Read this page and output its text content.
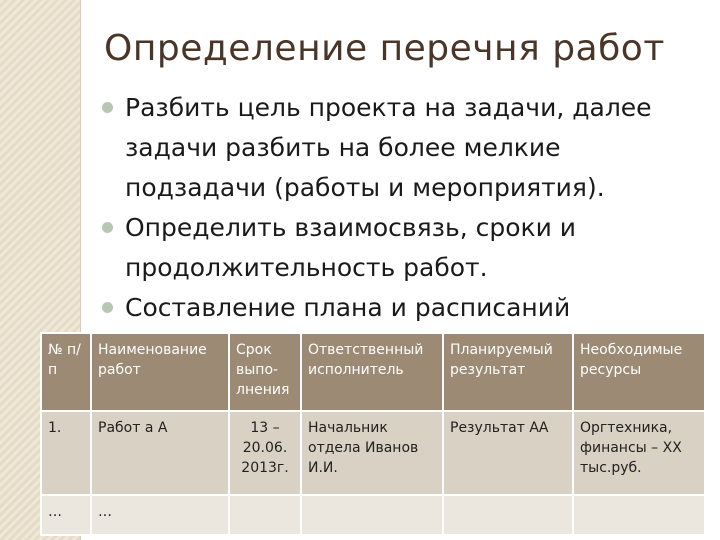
Определение перечня работ
Разбить цель проекта на задачи, далее задачи разбить на более мелкие подзадачи (работы и мероприятия).
Определить взаимосвязь, сроки и продолжительность работ.
Составление плана и расписаний
№ п/п	Наименование работ	Срок выпо-лнения	Ответственный исполнитель	Планируемый результат	Необходимые ресурсы
1.	Работ а А	13 – 20.06. 2013г.	Начальник отдела Иванов И.И.	Результат АА	Оргтехника, финансы – ХХ тыс.руб.
…	…				
